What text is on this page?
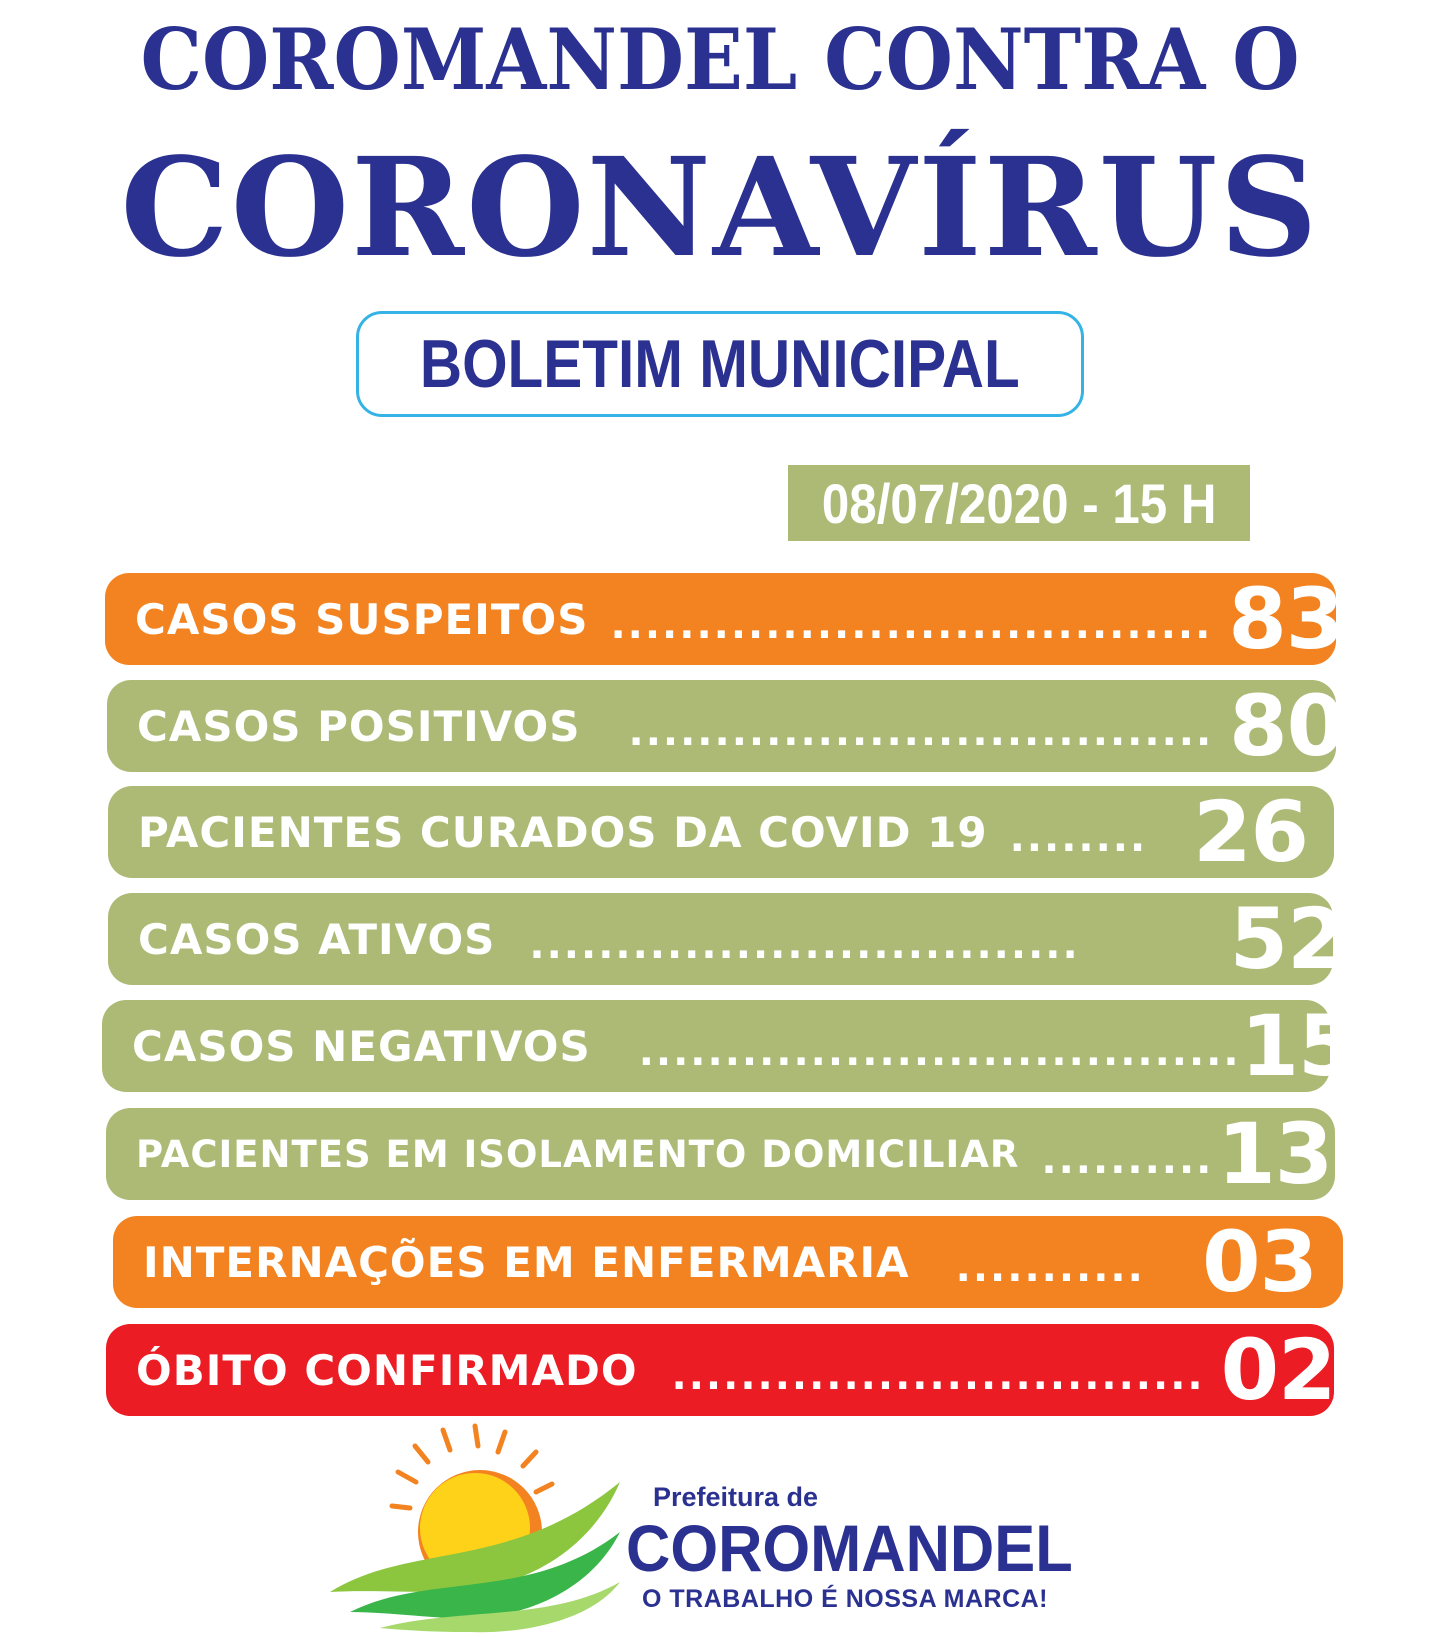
COROMANDEL CONTRA O
CORONAVÍRUS
BOLETIM MUNICIPAL
08/07/2020 - 15 H
CASOS SUSPEITOS ................................... 83
CASOS POSITIVOS .................................. 80
PACIENTES CURADOS DA COVID 19 ........ 26
CASOS ATIVOS ................................ 52
CASOS NEGATIVOS ................................... 153
PACIENTES EM ISOLAMENTO DOMICILIAR .......... 135
INTERNAÇÕES EM ENFERMARIA ........... 03
ÓBITO CONFIRMADO ............................... 02
Prefeitura de
COROMANDEL
O TRABALHO É NOSSA MARCA!
